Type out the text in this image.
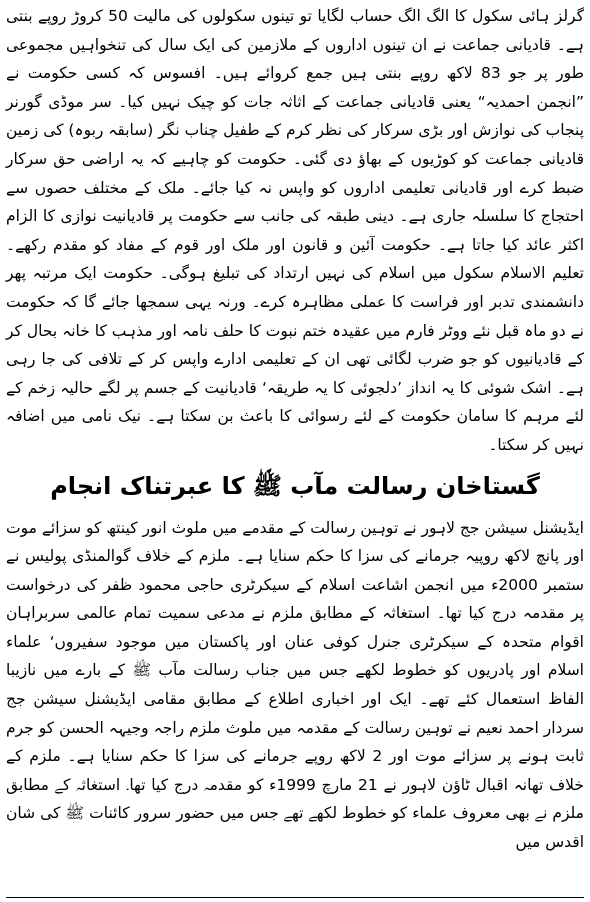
گرلز ہائی سکول کا الگ الگ حساب لگایا تو تینوں سکولوں کی مالیت 50 کروڑ روپے بنتی ہے۔ قادیانی جماعت نے ان تینوں اداروں کے ملازمین کی ایک سال کی تنخواہیں مجموعی طور پر جو 83 لاکھ روپے بنتی ہیں جمع کروائے ہیں۔ افسوس کہ کسی حکومت نے ”انجمن احمدیہ“ یعنی قادیانی جماعت کے اثاثہ جات کو چیک نہیں کیا۔ سر موڈی گورنر پنجاب کی نوازش اور بڑی سرکار کی نظر کرم کے طفیل چناب نگر (سابقہ ربوہ) کی زمین قادیانی جماعت کو کوڑیوں کے بھاؤ دی گئی۔ حکومت کو چاہیے کہ یہ اراضی حق سرکار ضبط کرے اور قادیانی تعلیمی اداروں کو واپس نہ کیا جائے۔ ملک کے مختلف حصوں سے احتجاج کا سلسلہ جاری ہے۔ دینی طبقہ کی جانب سے حکومت پر قادیانیت نوازی کا الزام اکثر عائد کیا جاتا ہے۔ حکومت آئین و قانون اور ملک اور قوم کے مفاد کو مقدم رکھے۔ تعلیم الاسلام سکول میں اسلام کی نہیں ارتداد کی تبلیغ ہوگی۔ حکومت ایک مرتبہ پھر دانشمندی تدبر اور فراست کا عملی مظاہرہ کرے۔ ورنہ یہی سمجھا جائے گا کہ حکومت نے دو ماہ قبل نئے ووٹر فارم میں عقیدہ ختم نبوت کا حلف نامہ اور مذہب کا خانہ بحال کر کے قادیانیوں کو جو ضرب لگائی تھی ان کے تعلیمی ادارے واپس کر کے تلافی کی جا رہی ہے۔ اشک شوئی کا یہ انداز ’دلجوئی کا یہ طریقہ‘ قادیانیت کے جسم پر لگے حالیہ زخم کے لئے مرہم کا سامان حکومت کے لئے رسوائی کا باعث بن سکتا ہے۔ نیک نامی میں اضافہ نہیں کر سکتا۔

گستاخان رسالت مآب ﷺ کا عبرتناک انجام

ایڈیشنل سیشن جج لاہور نے توہین رسالت کے مقدمے میں ملوث انور کینتھ کو سزائے موت اور پانچ لاکھ روپیہ جرمانے کی سزا کا حکم سنایا ہے۔ ملزم کے خلاف گوالمنڈی پولیس نے ستمبر 2000ء میں انجمن اشاعت اسلام کے سیکرٹری حاجی محمود ظفر کی درخواست پر مقدمہ درج کیا تھا۔ استغاثہ کے مطابق ملزم نے مدعی سمیت تمام عالمی سربراہان اقوام متحدہ کے سیکرٹری جنرل کوفی عنان اور پاکستان میں موجود سفیروں‘ علماء اسلام اور پادریوں کو خطوط لکھے جس میں جناب رسالت مآب ﷺ کے بارے میں نازیبا الفاظ استعمال کئے تھے۔ ایک اور اخباری اطلاع کے مطابق مقامی ایڈیشنل سیشن جج سردار احمد نعیم نے توہین رسالت کے مقدمہ میں ملوث ملزم راجہ وجیہہ الحسن کو جرم ثابت ہونے پر سزائے موت اور 2 لاکھ روپے جرمانے کی سزا کا حکم سنایا ہے۔ ملزم کے خلاف تھانہ اقبال ٹاؤن لاہور نے 21 مارچ 1999ء کو مقدمہ درج کیا تھا۔ استغاثہ کے مطابق ملزم نے بھی معروف علماء کو خطوط لکھے تھے جس میں حضور سرور کائنات ﷺ کی شان اقدس میں
